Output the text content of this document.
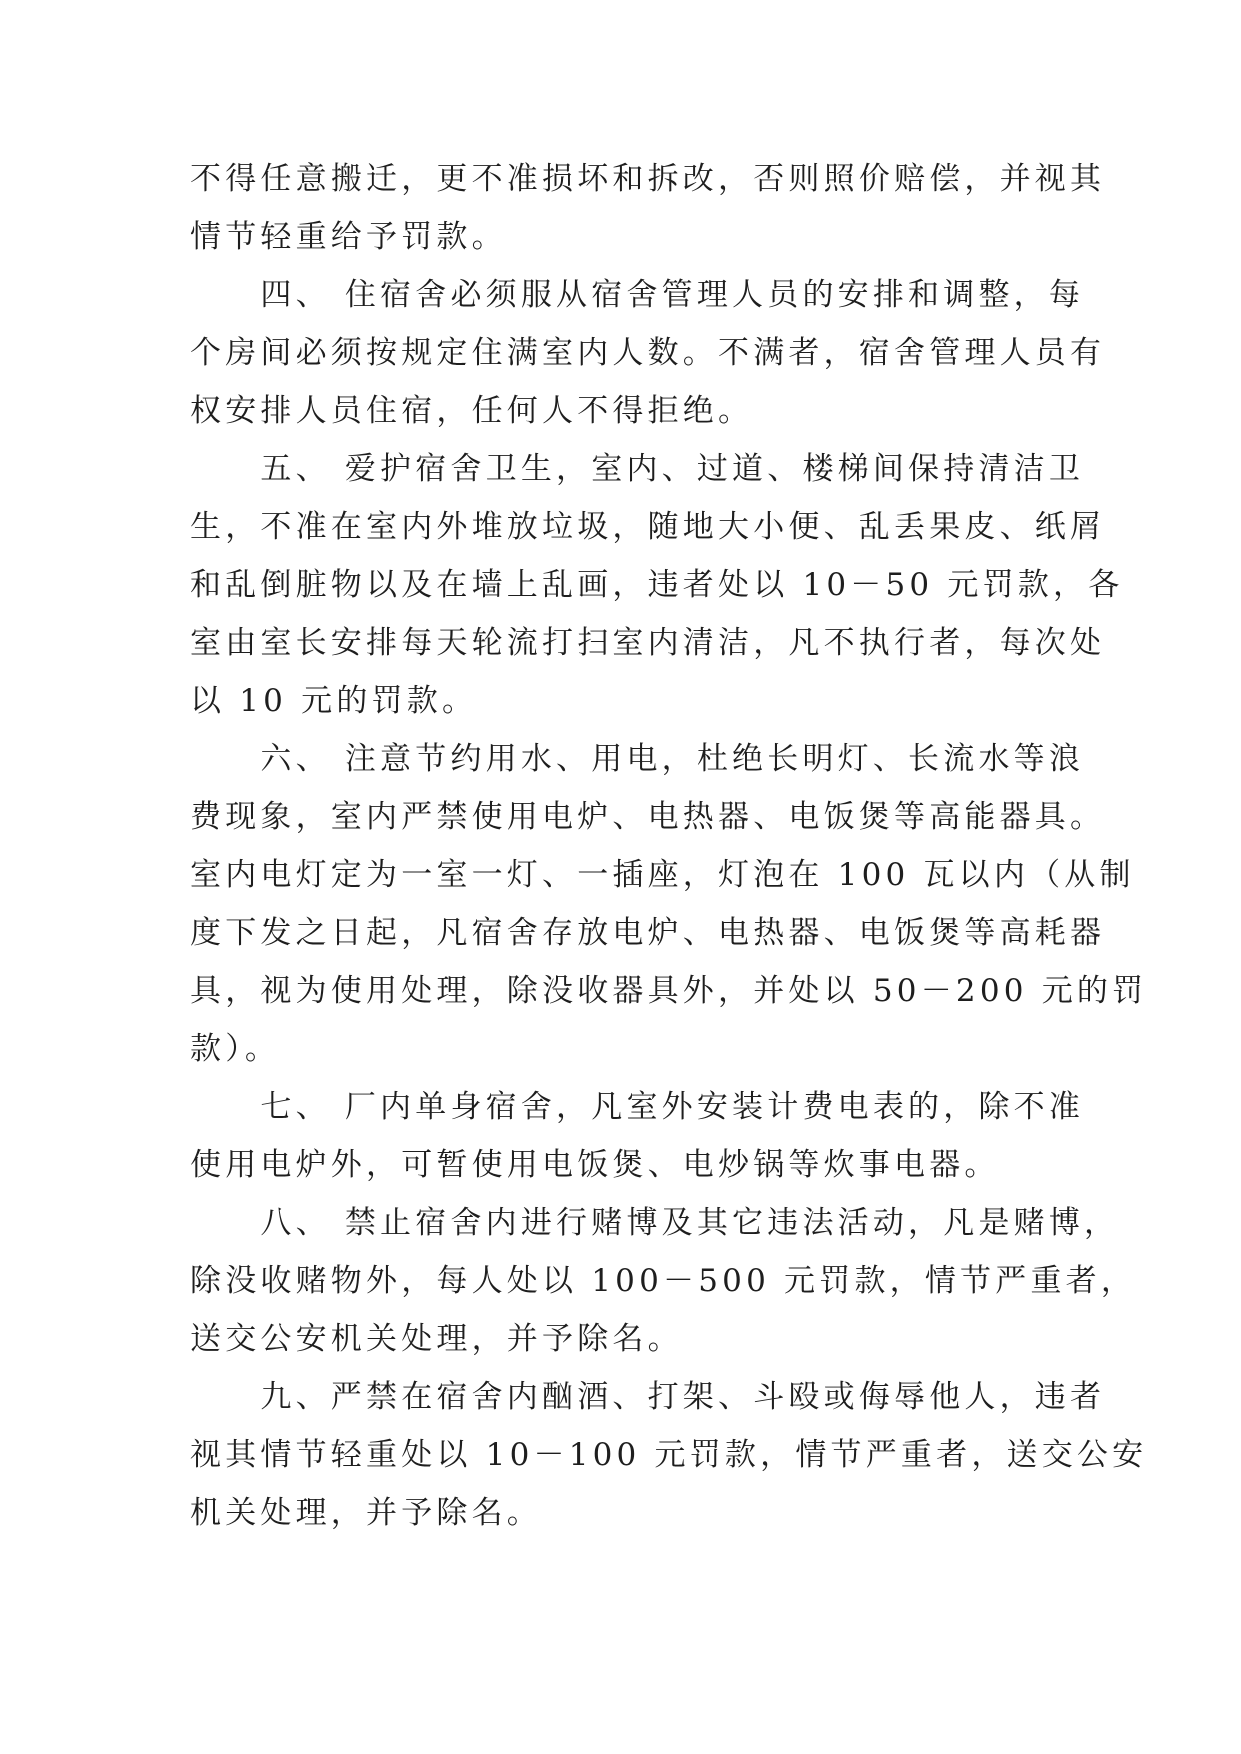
不得任意搬迁，更不准损坏和拆改，否则照价赔偿，并视其
情节轻重给予罚款。
　　四、 住宿舍必须服从宿舍管理人员的安排和调整，每
个房间必须按规定住满室内人数。不满者，宿舍管理人员有
权安排人员住宿，任何人不得拒绝。
　　五、 爱护宿舍卫生，室内、过道、楼梯间保持清洁卫
生，不准在室内外堆放垃圾，随地大小便、乱丢果皮、纸屑
和乱倒脏物以及在墙上乱画，违者处以 10－50 元罚款，各
室由室长安排每天轮流打扫室内清洁，凡不执行者，每次处
以 10 元的罚款。
　　六、 注意节约用水、用电，杜绝长明灯、长流水等浪
费现象，室内严禁使用电炉、电热器、电饭煲等高能器具。
室内电灯定为一室一灯、一插座，灯泡在 100 瓦以内（从制
度下发之日起，凡宿舍存放电炉、电热器、电饭煲等高耗器
具，视为使用处理，除没收器具外，并处以 50－200 元的罚
款）。
　　七、 厂内单身宿舍，凡室外安装计费电表的，除不准
使用电炉外，可暂使用电饭煲、电炒锅等炊事电器。
　　八、 禁止宿舍内进行赌博及其它违法活动，凡是赌博，
除没收赌物外，每人处以 100－500 元罚款，情节严重者，
送交公安机关处理，并予除名。
　　九、严禁在宿舍内酗酒、打架、斗殴或侮辱他人，违者
视其情节轻重处以 10－100 元罚款，情节严重者，送交公安
机关处理，并予除名。
